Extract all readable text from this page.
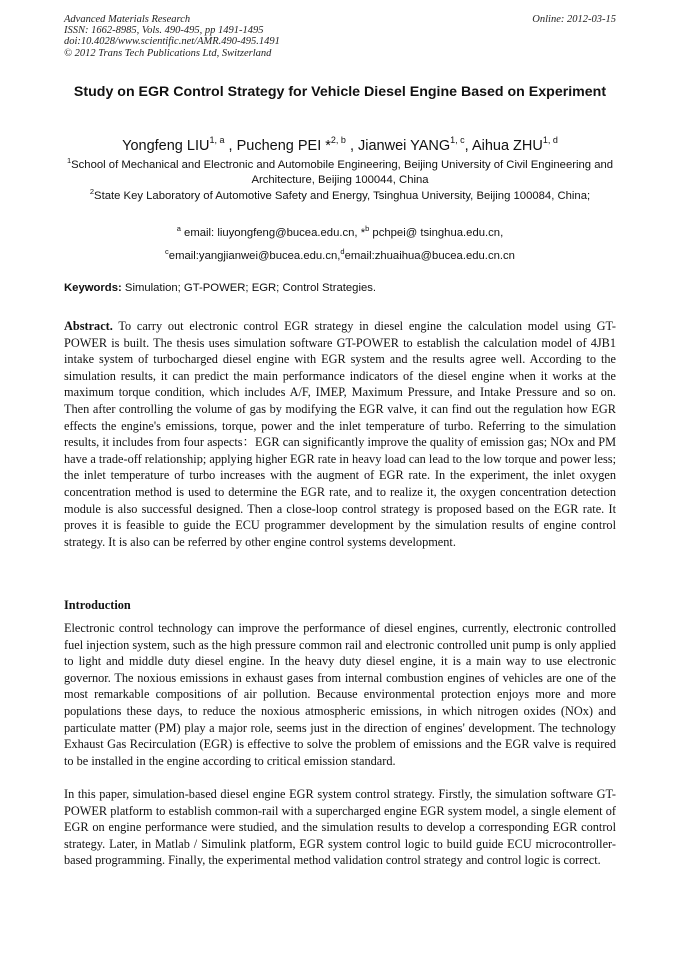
Advanced Materials Research
ISSN: 1662-8985, Vols. 490-495, pp 1491-1495
doi:10.4028/www.scientific.net/AMR.490-495.1491
© 2012 Trans Tech Publications Ltd, Switzerland
Online: 2012-03-15
Study on EGR Control Strategy for Vehicle Diesel Engine Based on Experiment
Yongfeng LIU$^{1, a}$ , Pucheng PEI *$^{2, b}$ , Jianwei YANG$^{1, c}$, Aihua ZHU$^{1, d}$
$^1$School of Mechanical and Electronic and Automobile Engineering, Beijing University of Civil Engineering and Architecture, Beijing 100044, China
$^2$State Key Laboratory of Automotive Safety and Energy, Tsinghua University, Beijing 100084, China;
$^a$ email: liuyongfeng@bucea.edu.cn, *$^b$ pchpei@ tsinghua.edu.cn,
$^c$email:yangjianwei@bucea.edu.cn,$^d$email:zhuaihua@bucea.edu.cn.cn
Keywords: Simulation; GT-POWER; EGR; Control Strategies.
Abstract. To carry out electronic control EGR strategy in diesel engine the calculation model using GT-POWER is built. The thesis uses simulation software GT-POWER to establish the calculation model of 4JB1 intake system of turbocharged diesel engine with EGR system and the results agree well. According to the simulation results, it can predict the main performance indicators of the diesel engine when it works at the maximum torque condition, which includes A/F, IMEP, Maximum Pressure, and Intake Pressure and so on. Then after controlling the volume of gas by modifying the EGR valve, it can find out the regulation how EGR effects the engine's emissions, torque, power and the inlet temperature of turbo. Referring to the simulation results, it includes from four aspects：EGR can significantly improve the quality of emission gas; NOx and PM have a trade-off relationship; applying higher EGR rate in heavy load can lead to the low torque and power less; the inlet temperature of turbo increases with the augment of EGR rate. In the experiment, the inlet oxygen concentration method is used to determine the EGR rate, and to realize it, the oxygen concentration detection module is also successful designed. Then a close-loop control strategy is proposed based on the EGR rate. It proves it is feasible to guide the ECU programmer development by the simulation results of engine control strategy. It is also can be referred by other engine control systems development.
Introduction
Electronic control technology can improve the performance of diesel engines, currently, electronic controlled fuel injection system, such as the high pressure common rail and electronic controlled unit pump is only applied to light and middle duty diesel engine. In the heavy duty diesel engine, it is a main way to use electronic governor. The noxious emissions in exhaust gases from internal combustion engines of vehicles are one of the most remarkable compositions of air pollution. Because environmental protection enjoys more and more populations these days, to reduce the noxious atmospheric emissions, in which nitrogen oxides (NOx) and particulate matter (PM) play a major role, seems just in the direction of engines' development. The technology Exhaust Gas Recirculation (EGR) is effective to solve the problem of emissions and the EGR valve is required to be installed in the engine according to critical emission standard.
In this paper, simulation-based diesel engine EGR system control strategy. Firstly, the simulation software GT-POWER platform to establish common-rail with a supercharged engine EGR system model, a single element of EGR on engine performance were studied, and the simulation results to develop a corresponding EGR control strategy. Later, in Matlab / Simulink platform, EGR system control logic to build guide ECU microcontroller-based programming. Finally, the experimental method validation control strategy and control logic is correct.
